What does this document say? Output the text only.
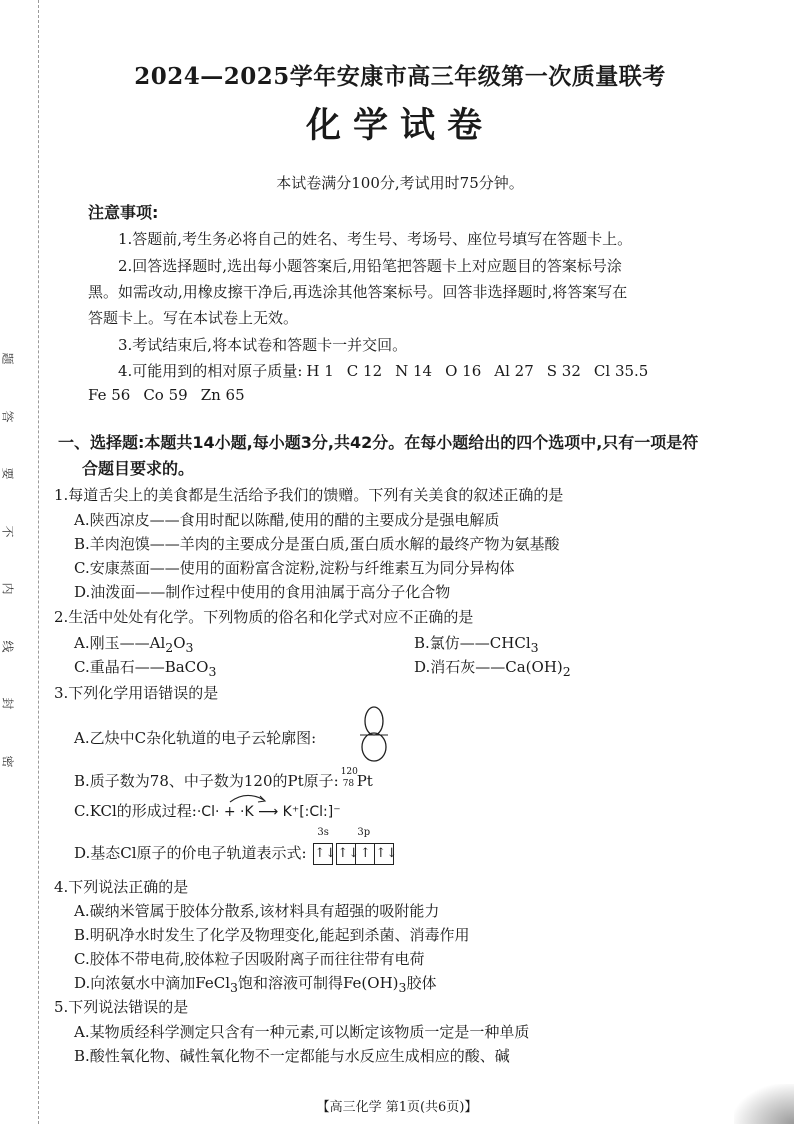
题
答
要
不
内
线
封
密
2024—2025学年安康市高三年级第一次质量联考
化学试卷
本试卷满分100分,考试用时75分钟。
注意事项:
1.答题前,考生务必将自己的姓名、考生号、考场号、座位号填写在答题卡上。
2.回答选择题时,选出每小题答案后,用铅笔把答题卡上对应题目的答案标号涂
黑。如需改动,用橡皮擦干净后,再选涂其他答案标号。回答非选择题时,将答案写在
答题卡上。写在本试卷上无效。
3.考试结束后,将本试卷和答题卡一并交回。
4.可能用到的相对原子质量: H 1 C 12 N 14 O 16 Al 27 S 32 Cl 35.5
Fe 56 Co 59 Zn 65
一、选择题:本题共14小题,每小题3分,共42分。在每小题给出的四个选项中,只有一项是符
合题目要求的。
1.每道舌尖上的美食都是生活给予我们的馈赠。下列有关美食的叙述正确的是
A.陕西凉皮——食用时配以陈醋,使用的醋的主要成分是强电解质
B.羊肉泡馍——羊肉的主要成分是蛋白质,蛋白质水解的最终产物为氨基酸
C.安康蒸面——使用的面粉富含淀粉,淀粉与纤维素互为同分异构体
D.油泼面——制作过程中使用的食用油属于高分子化合物
2.生活中处处有化学。下列物质的俗名和化学式对应不正确的是
A.刚玉$——Al_2O_3$	B.氯仿——CHCl$_3$
C.重晶石——BaCO$_3$	D.消石灰$——Ca(OH)_2$
3.下列化学用语错误的是
A.乙炔中C杂化轨道的电子云轮廓图:
B.质子数为78、中子数为120的Pt原子: 120
78 Pt
C.KCl的形成过程:·Cl· + ·K ⟶ K⁺[:Cl:]⁻
D.基态Cl原子的价电子轨道表示式:
3s	3p
↑↓ ↑↓ ↑ ↑↓
4.下列说法正确的是
A.碳纳米管属于胶体分散系,该材料具有超强的吸附能力
B.明矾净水时发生了化学及物理变化,能起到杀菌、消毒作用
C.胶体不带电荷,胶体粒子因吸附离子而往往带有电荷
D.向浓氨水中滴加FeCl$_3$饱和溶液可制得$Fe(OH)_3$胶体
5.下列说法错误的是
A.某物质经科学测定只含有一种元素,可以断定该物质一定是一种单质
B.酸性氧化物、碱性氧化物不一定都能与水反应生成相应的酸、碱
【高三化学 第1页(共6页)】
